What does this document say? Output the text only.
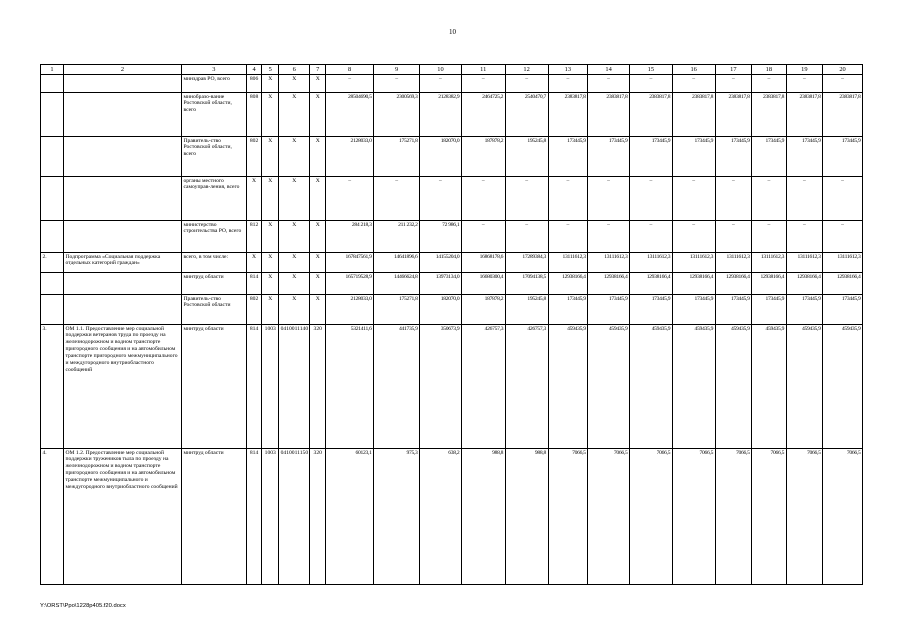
10
1	2	3	4	5	6	7	8	9	10	11	12	13	14	15	16	17	18	19	20
		минздрав РО, всего	806	Х	Х	Х	–	–	–	–	–	–	–	–	–	–	–	–	–
		минобразо-вание Ростовской области, всего	808	Х	Х	Х	28504690,5	2300569,3	2128382,9	2464725,2	2540470,7	2383817,8	2383817,8	2383817,8	2383817,8	2383817,8	2383817,8	2383817,8	2383817,8
		Правитель-ство Ростовской области, всего	802	Х	Х	Х	2128033,0	175271,8	182070,0	187878,2	195245,8	173445,9	173445,9	173445,9	173445,9	173445,9	173445,9	173445,9	173445,9
		органы местного самоуправ-ления, всего	Х	Х	Х	Х	–	–	–	–	–	–	–	–	–	–	–	–	–
		министерство строительства РО, всего	812	Х	Х	Х	284 218,3	211 232,2	72 986,1	–	–	–	–	–	–	–	–	–	–
2.	Подпрограмма «Социальная поддержка отдельных категорий граждан»	всего, в том числе:	Х	Х	Х	Х	167847561,9	14641896,6	14155204,0	16868178,6	17289384,3	13111612,3	13111612,3	13111612,3	13111612,3	13111612,3	13111612,3	13111612,3	13111612,3
		минтруд области	814	Х	Х	Х	165719528,9	14466624,8	13973134,0	16680300,4	17094138,5	12938166,4	12938166,4	12938166,4	12938166,4	12938166,4	12938166,4	12938166,4	12938166,4
		Правитель-ство Ростовской области	802	Х	Х	Х	2128033,0	175271,8	182070,0	187878,2	195245,8	173445,9	173445,9	173445,9	173445,9	173445,9	173445,9	173445,9	173445,9
3.	ОМ 1.1. Предоставление мер социальной поддержки ветеранов труда по проезду на железнодорожном и водном транспорте пригородного сообщения и на автомобильном транспорте пригородного межмуниципального и междугородного внутриобластного сообщений	минтруд области	814	1003	0410011140	320	5321411,6	441735,9	350673,9	426757,3	426757,3	459435,9	459435,9	459435,9	459435,9	459435,9	459435,9	459435,9	459435,9
4.	ОМ 1.2. Предоставление мер социальной поддержки тружеников тыла по проезду на железнодорожном и водном транспорте пригородного сообщения и на автомобильном транспорте межмуниципального и междугородного внутриобластного сообщений	минтруд области	814	1003	0410011150	320	60123,1	975,3	638,2	988,8	988,8	7066,5	7066,5	7066,5	7066,5	7066,5	7066,5	7066,5	7066,5
Y:\ORST\Ppo\1228p405.f20.docx
